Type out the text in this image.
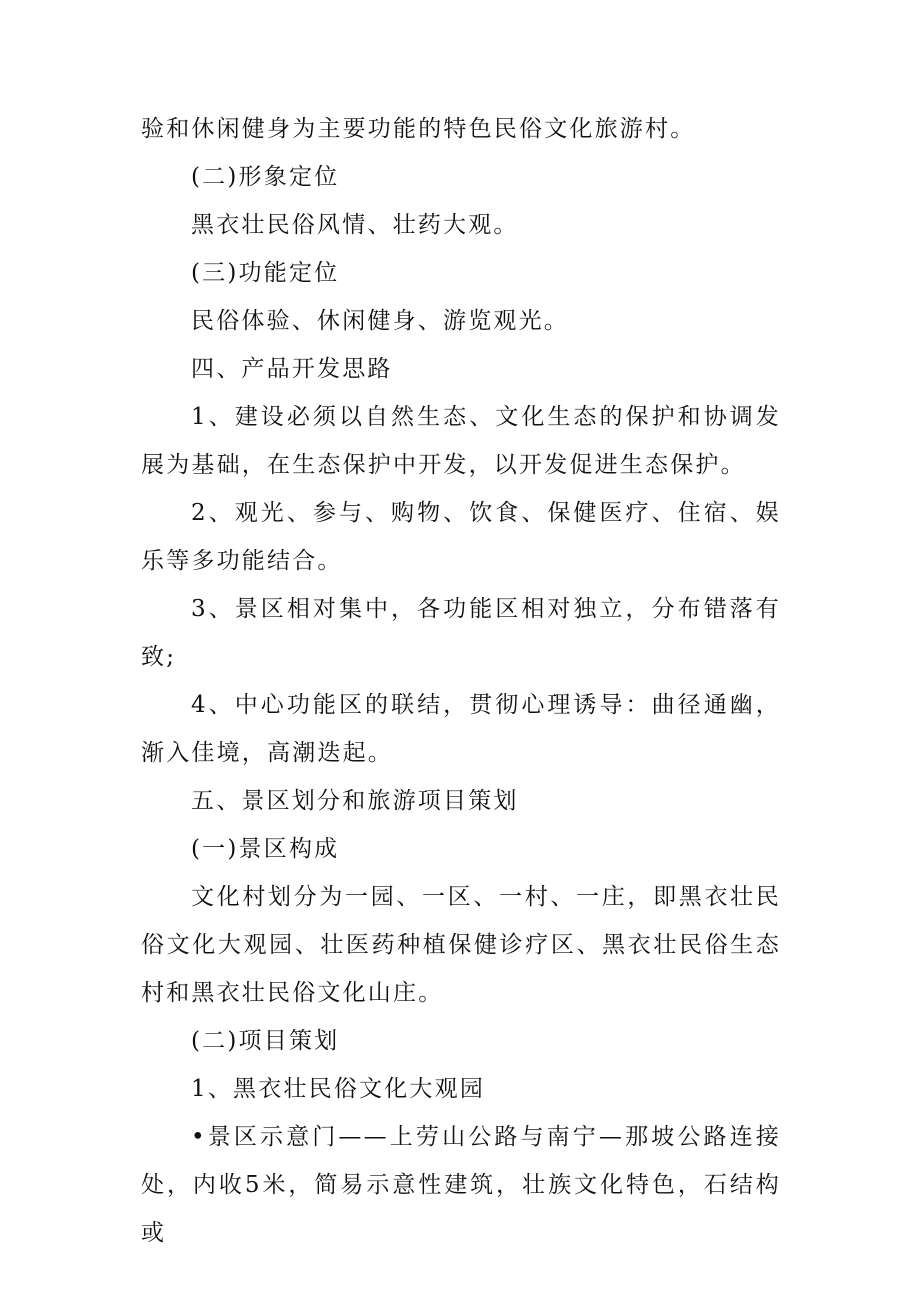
验和休闲健身为主要功能的特色民俗文化旅游村。

(二)形象定位

黑衣壮民俗风情、壮药大观。

(三)功能定位

民俗体验、休闲健身、游览观光。

四、产品开发思路

1、建设必须以自然生态、文化生态的保护和协调发展为基础，在生态保护中开发，以开发促进生态保护。

2、观光、参与、购物、饮食、保健医疗、住宿、娱乐等多功能结合。

3、景区相对集中，各功能区相对独立，分布错落有致;

4、中心功能区的联结，贯彻心理诱导：曲径通幽，渐入佳境，高潮迭起。

五、景区划分和旅游项目策划

(一)景区构成

文化村划分为一园、一区、一村、一庄，即黑衣壮民俗文化大观园、壮医药种植保健诊疗区、黑衣壮民俗生态村和黑衣壮民俗文化山庄。

(二)项目策划

1、黑衣壮民俗文化大观园

•景区示意门——上劳山公路与南宁—那坡公路连接处，内收5米，简易示意性建筑，壮族文化特色，石结构或
